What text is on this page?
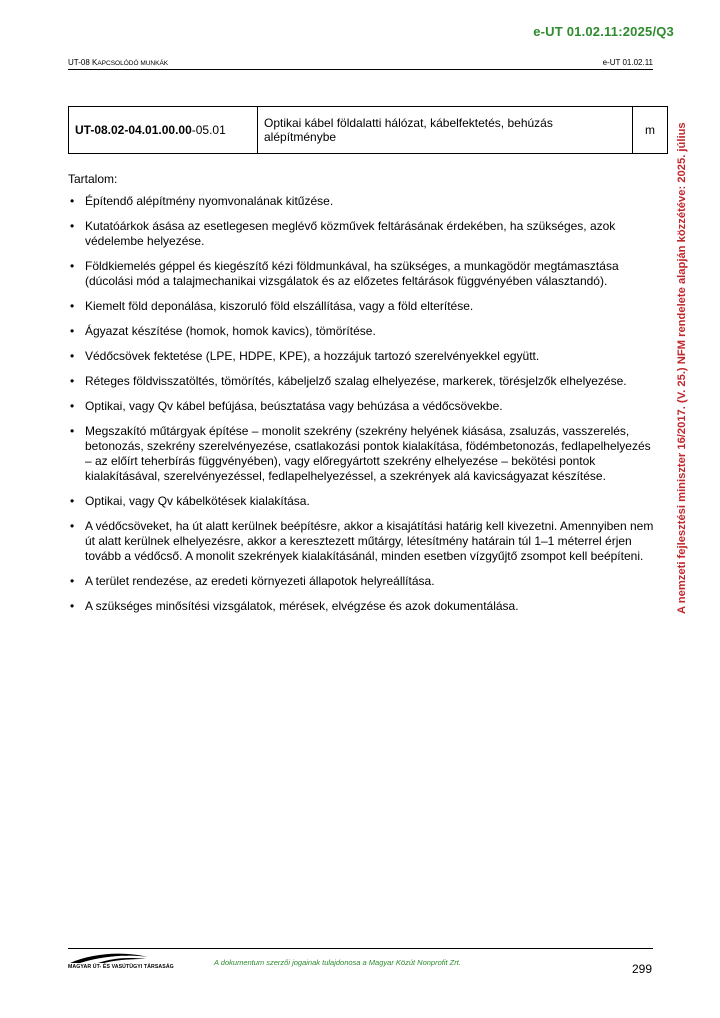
e-UT 01.02.11:2025/Q3
UT-08 KAPCSOLÓDÓ MUNKÁK	e-UT 01.02.11
UT-08.02-04.01.00.00-05.01	Optikai kábel földalatti hálózat, kábelfektetés, behúzás alépítménybe	m
Tartalom:
• Építendő alépítmény nyomvonalának kitűzése.
• Kutatóárkok ásása az esetlegesen meglévő közművek feltárásának érdekében, ha szükséges, azok védelembe helyezése.
• Földkiemelés géppel és kiegészítő kézi földmunkával, ha szükséges, a munkagödör megtámasztása (dúcolási mód a talajmechanikai vizsgálatok és az előzetes feltárások függvényében választandó).
• Kiemelt föld deponálása, kiszoruló föld elszállítása, vagy a föld elterítése.
• Ágyazat készítése (homok, homok kavics), tömörítése.
• Védőcsövek fektetése (LPE, HDPE, KPE), a hozzájuk tartozó szerelvényekkel együtt.
• Réteges földvisszatöltés, tömörítés, kábeljelző szalag elhelyezése, markerek, törésjelzők elhelyezése.
• Optikai, vagy Qv kábel befújása, beúsztatása vagy behúzása a védőcsövekbe.
• Megszakító műtárgyak építése – monolit szekrény (szekrény helyének kiásása, zsaluzás, vasszerelés, betonozás, szekrény szerelvényezése, csatlakozási pontok kialakítása, födémbetonozás, fedlapelhelyezés – az előírt teherbírás függvényében), vagy előregyártott szekrény elhelyezése – bekötési pontok kialakításával, szerelvényezéssel, fedlapelhelyezéssel, a szekrények alá kavicságyazat készítése.
• Optikai, vagy Qv kábelkötések kialakítása.
• A védőcsöveket, ha út alatt kerülnek beépítésre, akkor a kisajátítási határig kell kivezetni. Amennyiben nem út alatt kerülnek elhelyezésre, akkor a keresztezett műtárgy, létesítmény határain túl 1–1 méterrel érjen tovább a védőcső. A monolit szekrények kialakításánál, minden esetben vízgyűjtő zsompot kell beépíteni.
• A terület rendezése, az eredeti környezeti állapotok helyreállítása.
• A szükséges minősítési vizsgálatok, mérések, elvégzése és azok dokumentálása.	A nemzeti fejlesztési miniszter 16/2017. (V. 25.) NFM rendelete alapján közzétéve: 2025. július
MAGYAR ÚT- ÉS VASÚTÜGYI TÁRSASÁG	A dokumentum szerzői jogainak tulajdonosa a Magyar Közút Nonprofit Zrt.	299
